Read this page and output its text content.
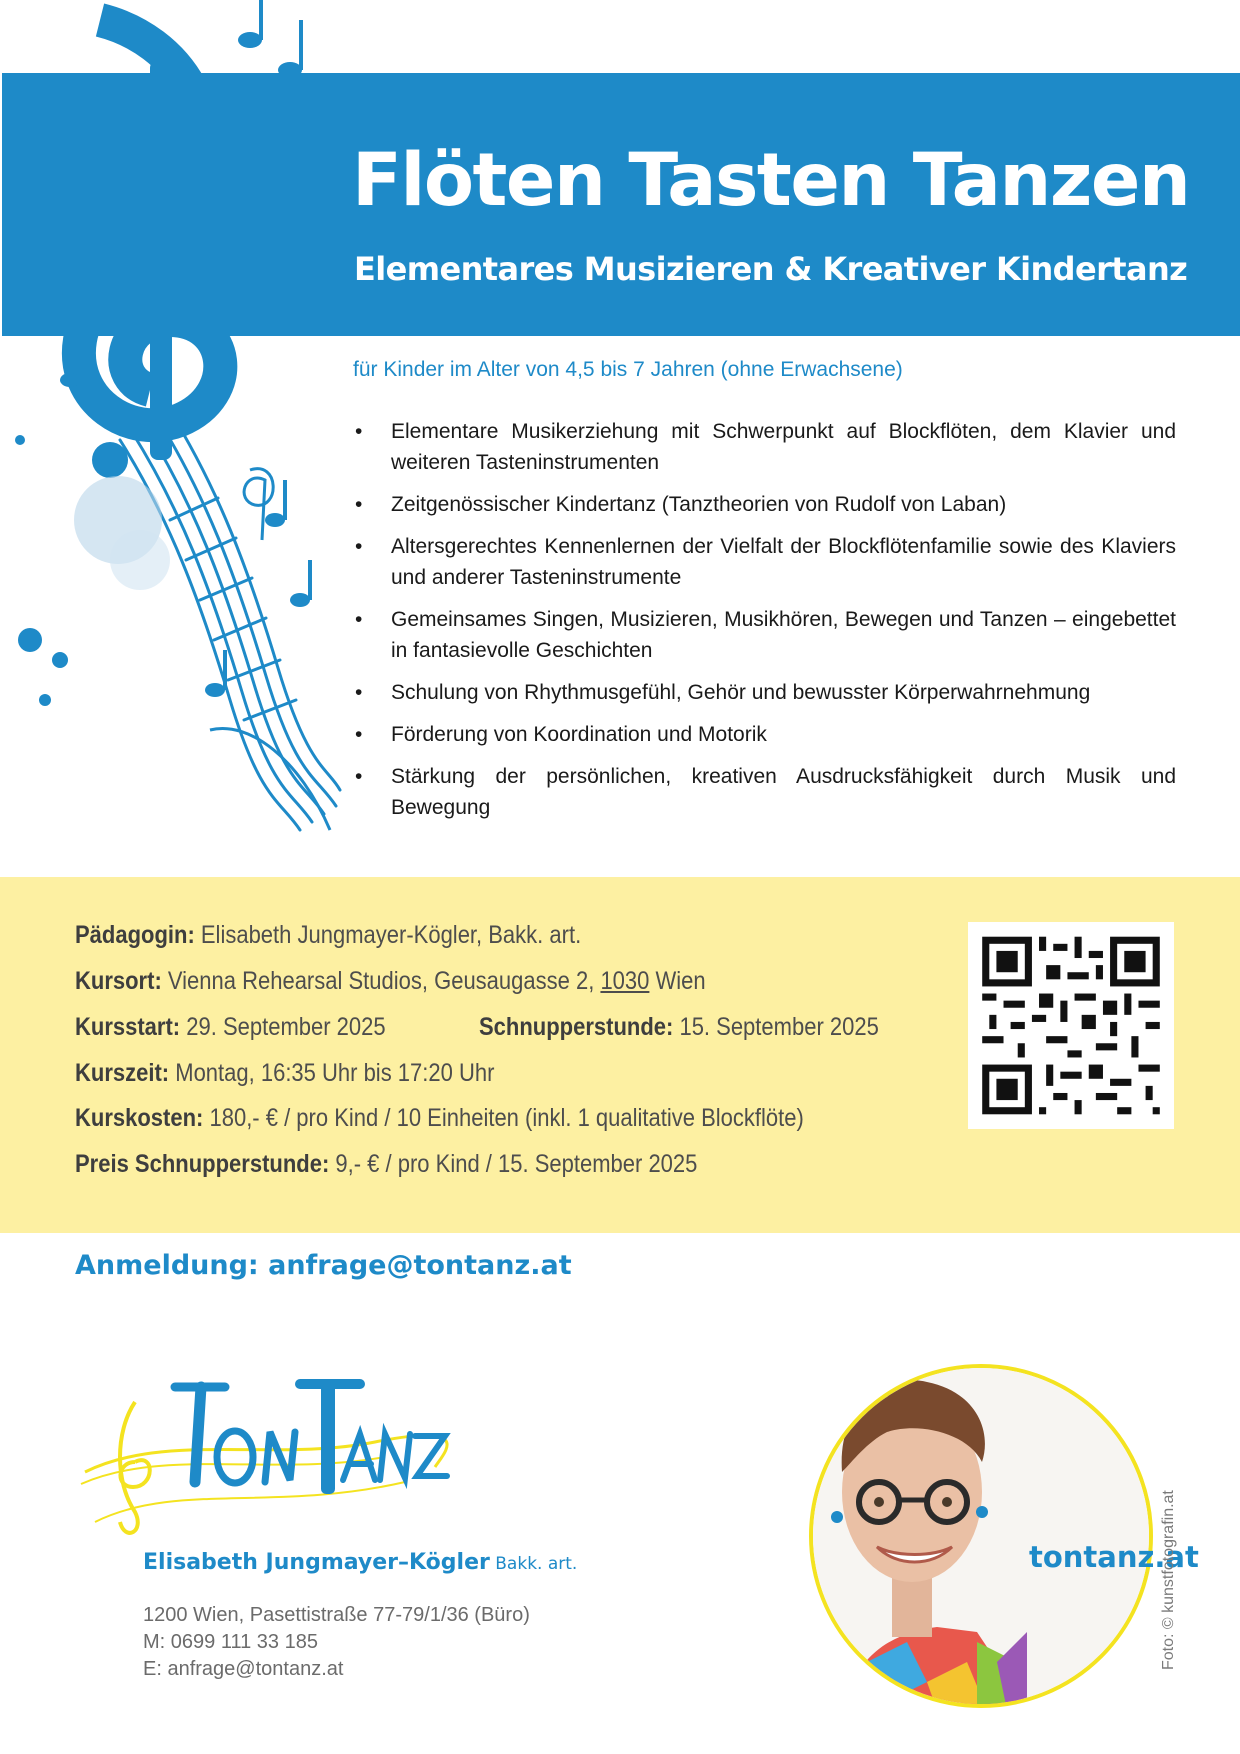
Flöten Tasten Tanzen
Elementares Musizieren & Kreativer Kindertanz
für Kinder im Alter von 4,5 bis 7 Jahren (ohne Erwachsene)
• Elementare Musikerziehung mit Schwerpunkt auf Blockflöten, dem Klavier und weiteren Tasteninstrumenten
• Zeitgenössischer Kindertanz (Tanztheorien von Rudolf von Laban)
• Altersgerechtes Kennenlernen der Vielfalt der Blockflötenfamilie sowie des Klaviers und anderer Tasteninstrumente
• Gemeinsames Singen, Musizieren, Musikhören, Bewegen und Tanzen – eingebettet in fantasievolle Geschichten
• Schulung von Rhythmusgefühl, Gehör und bewusster Körperwahrnehmung
• Förderung von Koordination und Motorik
• Stärkung der persönlichen, kreativen Ausdrucksfähigkeit durch Musik und Bewegung
Pädagogin: Elisabeth Jungmayer-Kögler, Bakk. art.
Kursort: Vienna Rehearsal Studios, Geusaugasse 2, 1030 Wien
Kursstart: 29. September 2025	Schnupperstunde: 15. September 2025
Kurszeit: Montag, 16:35 Uhr bis 17:20 Uhr
Kurskosten: 180,- € / pro Kind / 10 Einheiten (inkl. 1 qualitative Blockflöte)
Preis Schnupperstunde: 9,- € / pro Kind / 15. September 2025
Anmeldung: anfrage@tontanz.at
Elisabeth Jungmayer–Kögler Bakk. art.
1200 Wien, Pasettistraße 77-79/1/36 (Büro)
M: 0699 111 33 185
E: anfrage@tontanz.at
tontanz.at
Foto: © kunstfotografin.at
